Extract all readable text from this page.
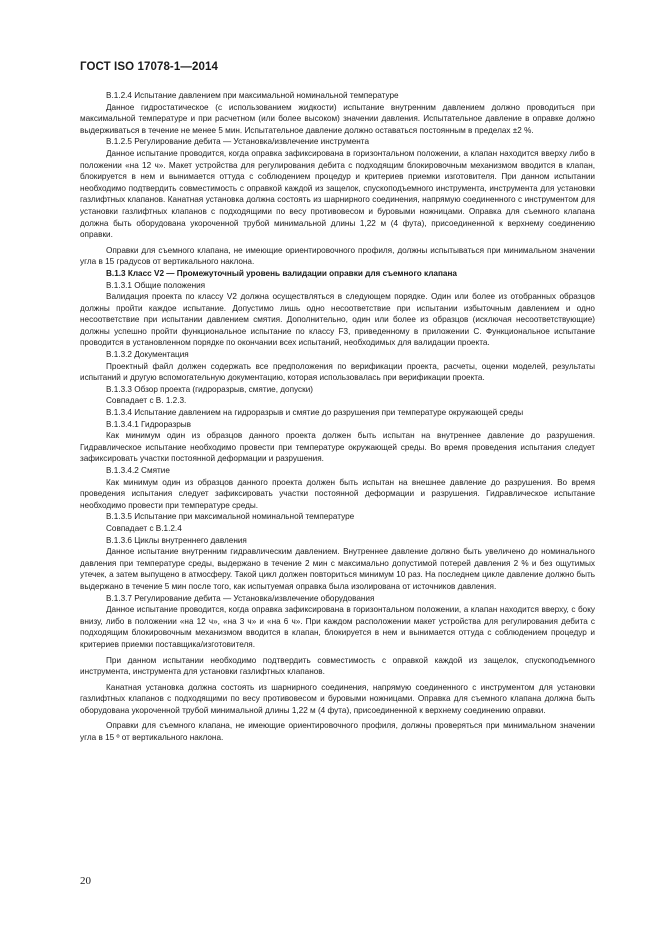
ГОСТ ISO 17078-1—2014

В.1.2.4 Испытание давлением при максимальной номинальной температуре

Данное гидростатическое (с использованием жидкости) испытание внутренним давлением должно проводиться при максимальной температуре и при расчетном (или более высоком) значении давления. Испытательное давление в оправке должно выдерживаться в течение не менее 5 мин. Испытательное давление должно оставаться постоянным в пределах ±2 %.

В.1.2.5 Регулирование дебита — Установка/извлечение инструмента

Данное испытание проводится, когда оправка зафиксирована в горизонтальном положении, а клапан находится вверху либо в положении «на 12 ч». Макет устройства для регулирования дебита с подходящим блокировочным механизмом вводится в клапан, блокируется в нем и вынимается оттуда с соблюдением процедур и критериев приемки изготовителя. При данном испытании необходимо подтвердить совместимость с оправкой каждой из защелок, спускоподъемного инструмента, инструмента для установки газлифтных клапанов. Канатная установка должна состоять из шарнирного соединения, напрямую соединенного с инструментом для установки газлифтных клапанов с подходящими по весу противовесом и буровыми ножницами. Оправка для съемного клапана должна быть оборудована укороченной трубой минимальной длины 1,22 м (4 фута), присоединенной к верхнему соединению оправки.

Оправки для съемного клапана, не имеющие ориентировочного профиля, должны испытываться при минимальном значении угла в 15 градусов от вертикального наклона.

В.1.3 Класс V2 — Промежуточный уровень валидации оправки для съемного клапана

В.1.3.1 Общие положения

Валидация проекта по классу V2 должна осуществляться в следующем порядке. Один или более из отобранных образцов должны пройти каждое испытание. Допустимо лишь одно несоответствие при испытании избыточным давлением и одно несоответствие при испытании давлением смятия. Дополнительно, один или более из образцов (исключая несоответствующие) должны успешно пройти функциональное испытание по классу F3, приведенному в приложении С. Функциональное испытание проводится в установленном порядке по окончании всех испытаний, необходимых для валидации проекта.

В.1.3.2 Документация

Проектный файл должен содержать все предположения по верификации проекта, расчеты, оценки моделей, результаты испытаний и другую вспомогательную документацию, которая использовалась при верификации проекта.

В.1.3.3 Обзор проекта (гидроразрыв, смятие, допуски)

Совпадает с В. 1.2.3.

В.1.3.4 Испытание давлением на гидроразрыв и смятие до разрушения при температуре окружающей среды

В.1.3.4.1 Гидроразрыв

Как минимум один из образцов данного проекта должен быть испытан на внутреннее давление до разрушения. Гидравлическое испытание необходимо провести при температуре окружающей среды. Во время проведения испытания следует зафиксировать участки постоянной деформации и разрушения.

В.1.3.4.2 Смятие

Как минимум один из образцов данного проекта должен быть испытан на внешнее давление до разрушения. Во время проведения испытания следует зафиксировать участки постоянной деформации и разрушения. Гидравлическое испытание необходимо провести при температуре среды.

В.1.3.5 Испытание при максимальной номинальной температуре

Совпадает с В.1.2.4

В.1.3.6 Циклы внутреннего давления

Данное испытание внутренним гидравлическим давлением. Внутреннее давление должно быть увеличено до номинального давления при температуре среды, выдержано в течение 2 мин с максимально допустимой потерей давления 2 % и без ощутимых утечек, а затем выпущено в атмосферу. Такой цикл должен повториться минимум 10 раз. На последнем цикле давление должно быть выдержано в течение 5 мин после того, как испытуемая оправка была изолирована от источников давления.

В.1.3.7 Регулирование дебита — Установка/извлечение оборудования

Данное испытание проводится, когда оправка зафиксирована в горизонтальном положении, а клапан находится вверху, с боку внизу, либо в положении «на 12 ч», «на 3 ч» и «на 6 ч». При каждом расположении макет устройства для регулирования дебита с подходящим блокировочным механизмом вводится в клапан, блокируется в нем и вынимается оттуда с соблюдением процедур и критериев приемки поставщика/изготовителя.

При данном испытании необходимо подтвердить совместимость с оправкой каждой из защелок, спускоподъемного инструмента, инструмента для установки газлифтных клапанов.

Канатная установка должна состоять из шарнирного соединения, напрямую соединенного с инструментом для установки газлифтных клапанов с подходящими по весу противовесом и буровыми ножницами. Оправка для съемного клапана должна быть оборудована укороченной трубой минимальной длины 1,22 м (4 фута), присоединенной к верхнему соединению оправки.

Оправки для съемного клапана, не имеющие ориентировочного профиля, должны проверяться при минимальном значении угла в 15 º от вертикального наклона.

20
